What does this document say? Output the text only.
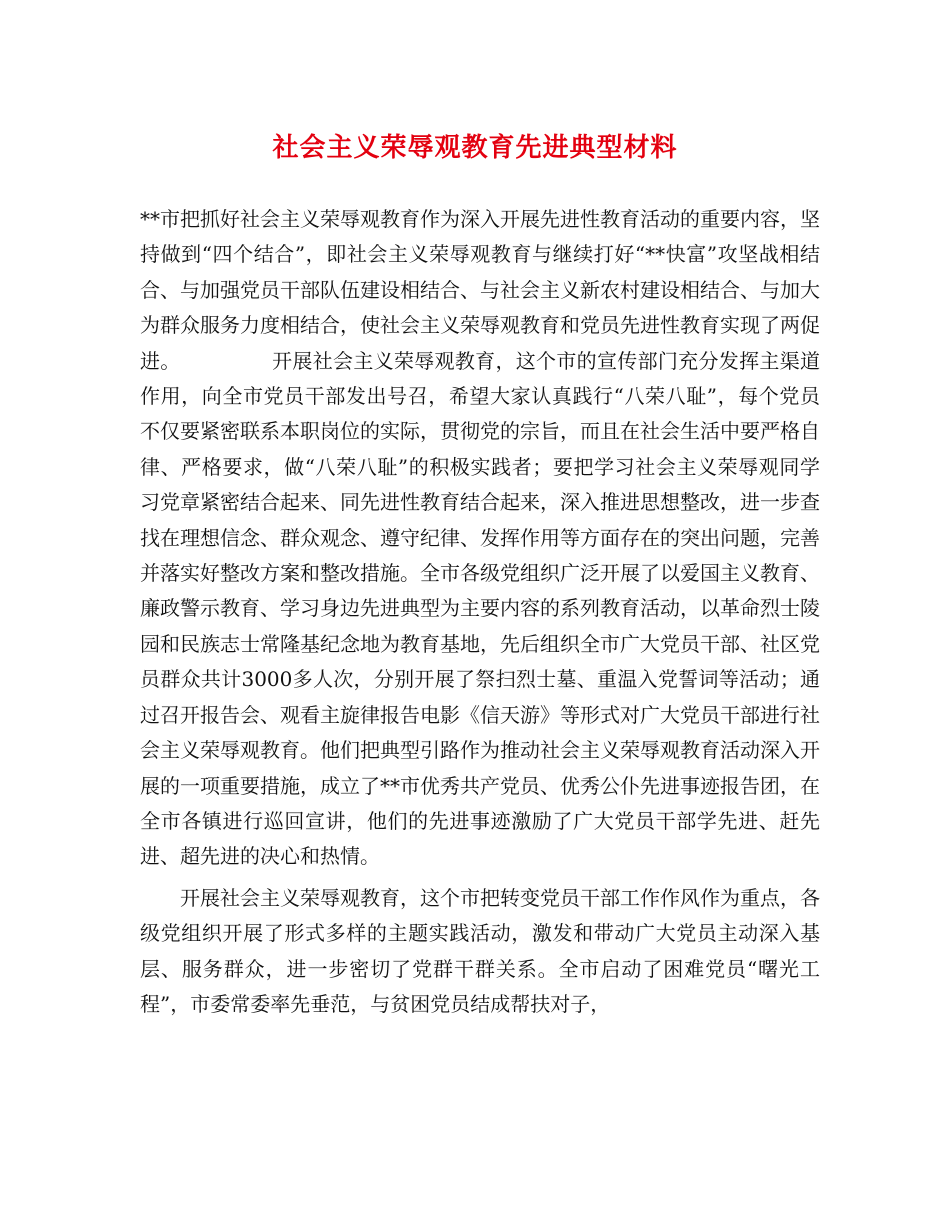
社会主义荣辱观教育先进典型材料

**市把抓好社会主义荣辱观教育作为深入开展先进性教育活动的重要内容，坚持做到“四个结合”，即社会主义荣辱观教育与继续打好“**快富”攻坚战相结合、与加强党员干部队伍建设相结合、与社会主义新农村建设相结合、与加大为群众服务力度相结合，使社会主义荣辱观教育和党员先进性教育实现了两促进。　　　　　开展社会主义荣辱观教育，这个市的宣传部门充分发挥主渠道作用，向全市党员干部发出号召，希望大家认真践行“八荣八耻”，每个党员不仅要紧密联系本职岗位的实际，贯彻党的宗旨，而且在社会生活中要严格自律、严格要求，做“八荣八耻”的积极实践者；要把学习社会主义荣辱观同学习党章紧密结合起来、同先进性教育结合起来，深入推进思想整改，进一步查找在理想信念、群众观念、遵守纪律、发挥作用等方面存在的突出问题，完善并落实好整改方案和整改措施。全市各级党组织广泛开展了以爱国主义教育、廉政警示教育、学习身边先进典型为主要内容的系列教育活动，以革命烈士陵园和民族志士常隆基纪念地为教育基地，先后组织全市广大党员干部、社区党员群众共计3000多人次，分别开展了祭扫烈士墓、重温入党誓词等活动；通过召开报告会、观看主旋律报告电影《信天游》等形式对广大党员干部进行社会主义荣辱观教育。他们把典型引路作为推动社会主义荣辱观教育活动深入开展的一项重要措施，成立了**市优秀共产党员、优秀公仆先进事迹报告团，在全市各镇进行巡回宣讲，他们的先进事迹激励了广大党员干部学先进、赶先进、超先进的决心和热情。

开展社会主义荣辱观教育，这个市把转变党员干部工作作风作为重点，各级党组织开展了形式多样的主题实践活动，激发和带动广大党员主动深入基层、服务群众，进一步密切了党群干群关系。全市启动了困难党员“曙光工程”，市委常委率先垂范，与贫困党员结成帮扶对子，
